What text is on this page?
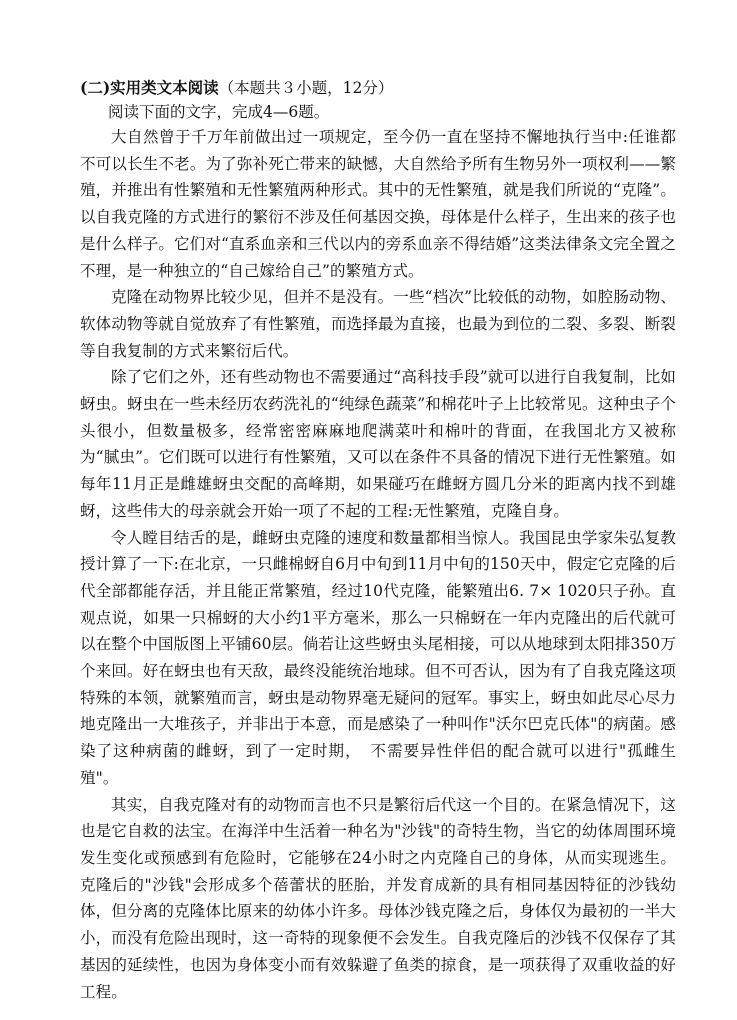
(二)实用类文本阅读（本题共３小题，12分）
阅读下面的文字，完成4—6题。

大自然曾于千万年前做出过一项规定，至今仍一直在坚持不懈地执行当中:任谁都不可以长生不老。为了弥补死亡带来的缺憾，大自然给予所有生物另外一项权利——繁殖，并推出有性繁殖和无性繁殖两种形式。其中的无性繁殖，就是我们所说的“克隆”。以自我克隆的方式进行的繁衍不涉及任何基因交换，母体是什么样子，生出来的孩子也是什么样子。它们对“直系血亲和三代以内的旁系血亲不得结婚”这类法律条文完全置之不理，是一种独立的“自己嫁给自己”的繁殖方式。

克隆在动物界比较少见，但并不是没有。一些“档次”比较低的动物，如腔肠动物、软体动物等就自觉放弃了有性繁殖，而选择最为直接，也最为到位的二裂、多裂、断裂等自我复制的方式来繁衍后代。

除了它们之外，还有些动物也不需要通过“高科技手段”就可以进行自我复制，比如蚜虫。蚜虫在一些未经历农药洗礼的“纯绿色蔬菜”和棉花叶子上比较常见。这种虫子个头很小，但数量极多，经常密密麻麻地爬满菜叶和棉叶的背面，在我国北方又被称为“腻虫”。它们既可以进行有性繁殖，又可以在条件不具备的情况下进行无性繁殖。如每年11月正是雌雄蚜虫交配的高峰期，如果碰巧在雌蚜方圆几分米的距离内找不到雄蚜，这些伟大的母亲就会开始一项了不起的工程:无性繁殖，克隆自身。

令人瞠目结舌的是，雌蚜虫克隆的速度和数量都相当惊人。我国昆虫学家朱弘复教授计算了一下:在北京，一只雌棉蚜自6月中旬到11月中旬的150天中，假定它克隆的后代全部都能存活，并且能正常繁殖，经过10代克隆，能繁殖出6. 7× 1020只子孙。直观点说，如果一只棉蚜的大小约1平方毫米，那么一只棉蚜在一年内克隆出的后代就可以在整个中国版图上平铺60层。倘若让这些蚜虫头尾相接，可以从地球到太阳排350万个来回。好在蚜虫也有天敌，最终没能统治地球。但不可否认，因为有了自我克隆这项特殊的本领，就繁殖而言，蚜虫是动物界毫无疑问的冠军。事实上，蚜虫如此尽心尽力地克隆出一大堆孩子，并非出于本意，而是感染了一种叫作"沃尔巴克氏体"的病菌。感染了这种病菌的雌蚜，到了一定时期，　不需要异性伴侣的配合就可以进行"孤雌生殖"。

其实，自我克隆对有的动物而言也不只是繁衍后代这一个目的。在紧急情况下，这也是它自救的法宝。在海洋中生活着一种名为"沙钱"的奇特生物，当它的幼体周围环境发生变化或预感到有危险时，它能够在24小时之内克隆自己的身体，从而实现逃生。克隆后的"沙钱"会形成多个蓓蕾状的胚胎，并发育成新的具有相同基因特征的沙钱幼体，但分离的克隆体比原来的幼体小许多。母体沙钱克隆之后，身体仅为最初的一半大小，而没有危险出现时，这一奇特的现象便不会发生。自我克隆后的沙钱不仅保存了其基因的延续性，也因为身体变小而有效躲避了鱼类的掠食，是一项获得了双重收益的好工程。
